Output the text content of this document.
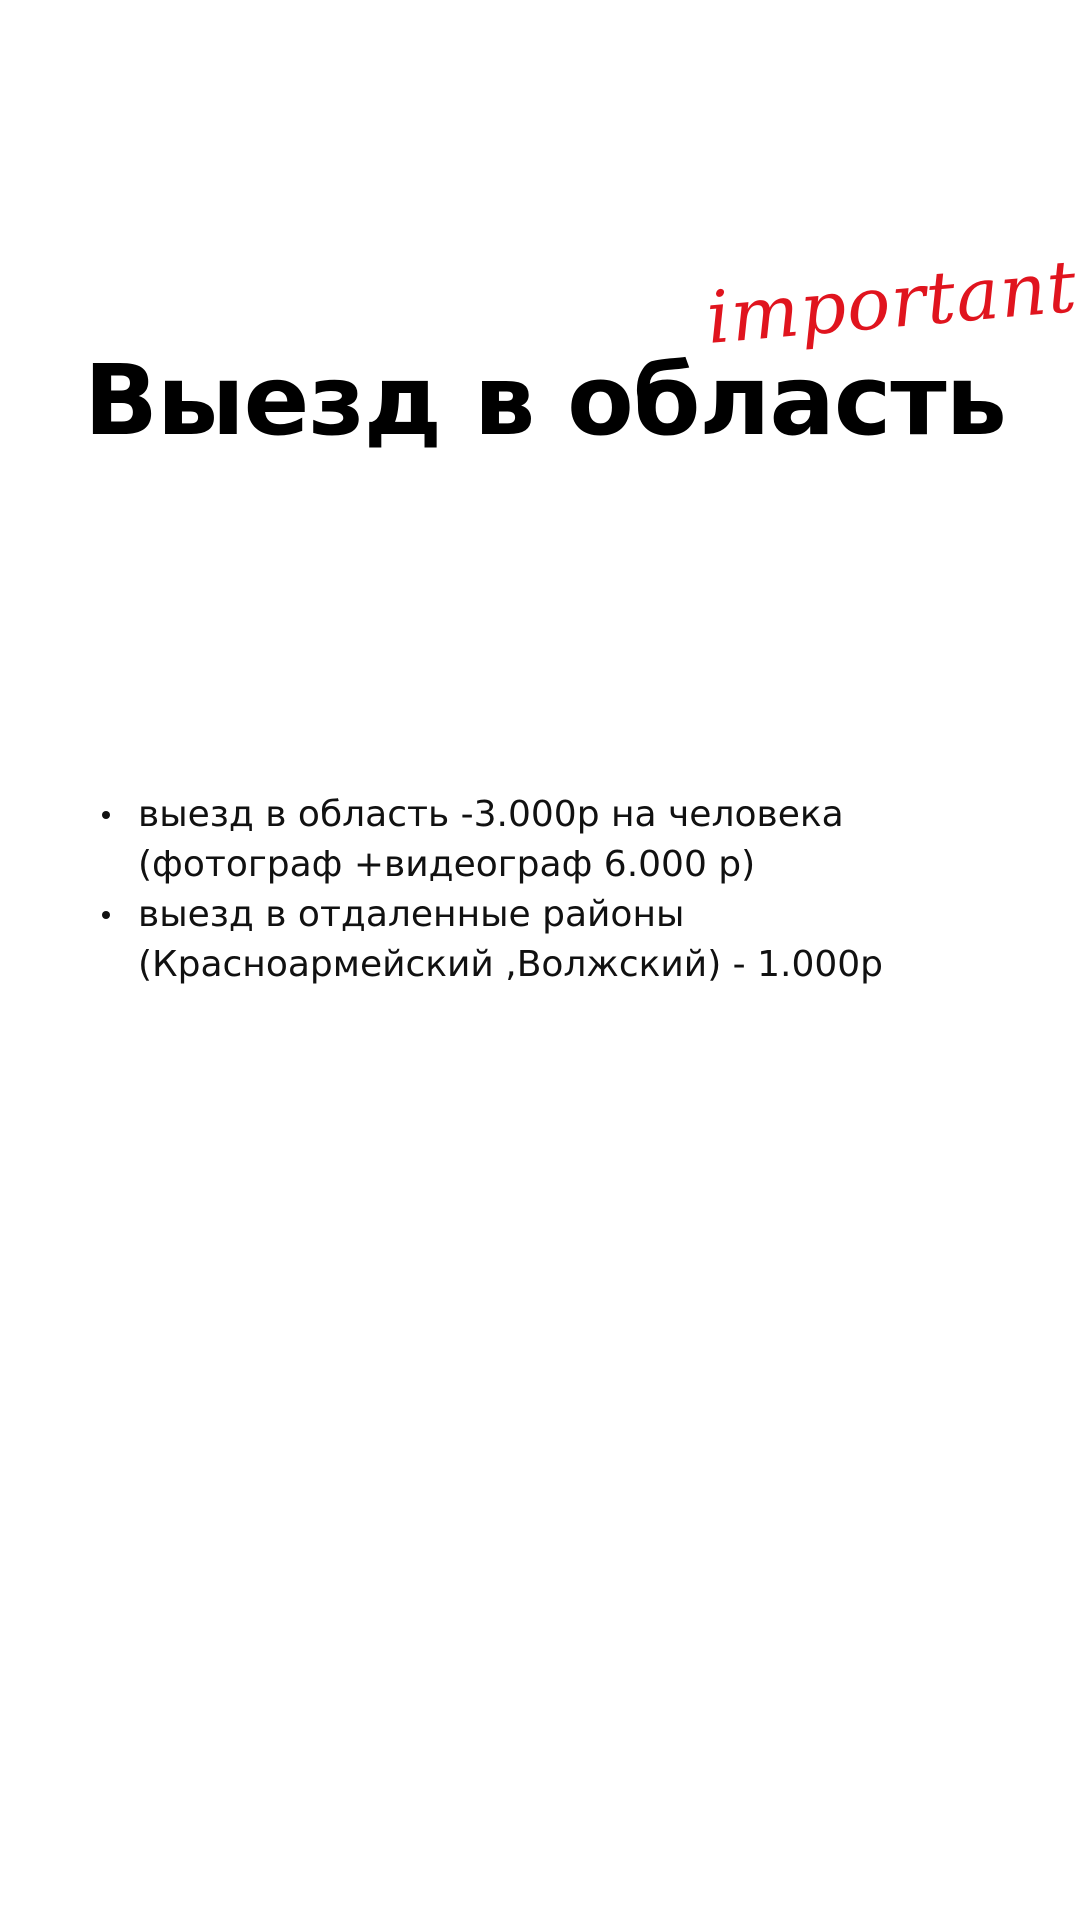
Выезд в область
important
выезд в область -3.000р на человека
(фотограф +видеограф 6.000 р)
выезд в отдаленные районы
(Красноармейский ,Волжский) - 1.000р
